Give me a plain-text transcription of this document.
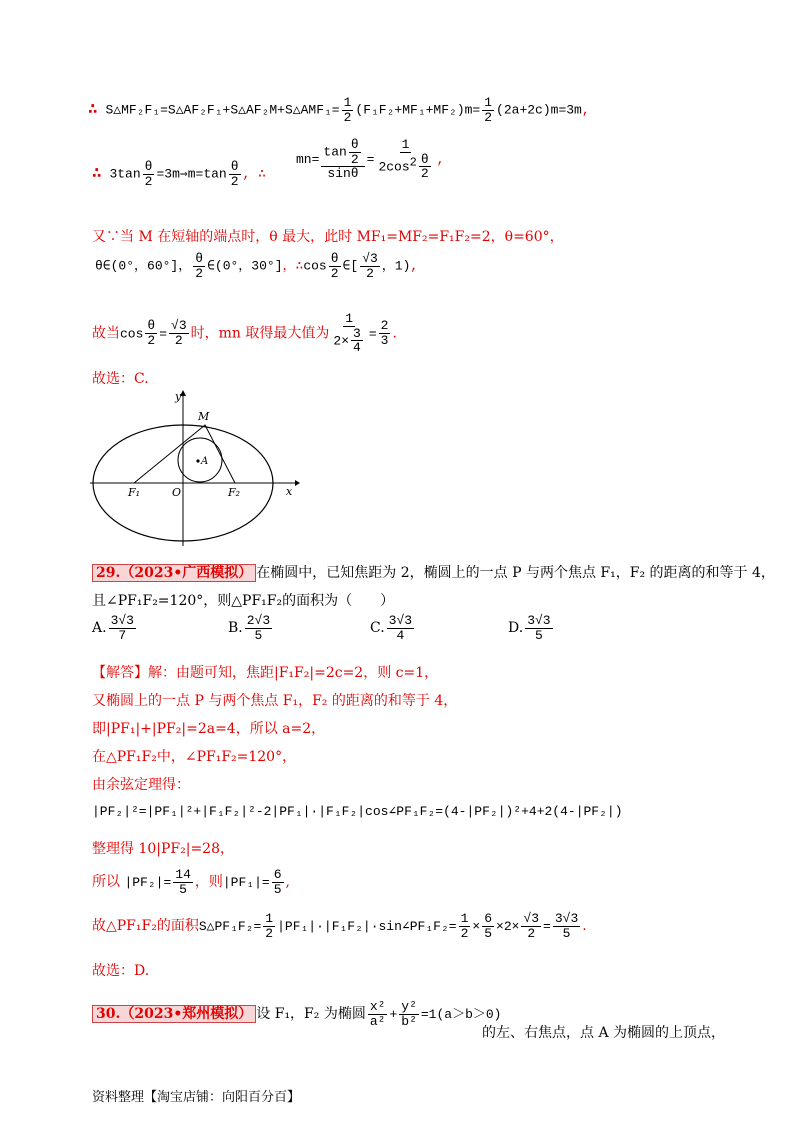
∴ S△MF₂F₁=S△AF₂F₁+S△AF₂M+S△AMF₁= $\frac{1}{2} (F_1F_2+MF_1+MF_2)m= \frac{1}{2} (2a+2c)m=3m$,
∴ $3\tan \frac{\theta}{2}$ =3m⇒m=tan $\frac{\theta}{2}$ , ∴
$mn= \frac{\tan \frac{\theta}{2}}{\sin\theta} = \frac{1}{2\cos^2 \frac{\theta}{2}}$ ,
又∵当 M 在短轴的端点时，θ 最大，此时 MF₁=MF₂=F₁F₂=2，θ=60°，
θ∈(0°，60°]， $\frac{\theta}{2}$ ∈(0°，30°]，∴cos $\frac{\theta}{2}$ ∈[ $\frac{√3}{2}$ ，1),
故当$\cos \frac{\theta}{2} = \frac{√3}{2}$ 时，mn 取得最大值为 $\frac{1}{2\times \frac{3}{4}} = \frac{2}{3}$ .
故选：C.
y
x
M
A
O
F₁	F₂
29.（2023•广西模拟） 在椭圆中，已知焦距为 2，椭圆上的一点 P 与两个焦点 F₁，F₂ 的距离的和等于 4，
且∠PF₁F₂=120°，则△PF₁F₂的面积为（　　）
A. $\frac{3√3}{7}$	B. $\frac{2√3}{5}$	C. $\frac{3√3}{4}$	D. $\frac{3√3}{5}$
【解答】解：由题可知，焦距|F₁F₂|=2c=2，则 c=1，
又椭圆上的一点 P 与两个焦点 F₁，F₂ 的距离的和等于 4，
即|PF₁|+|PF₂|=2a=4，所以 a=2，
在△PF₁F₂中，∠PF₁F₂=120°，
由余弦定理得：
|PF₂|²=|PF₁|²+|F₁F₂|²-2|PF₁|·|F₁F₂|cos∠PF₁F₂=(4-|PF₂|)²+4+2(4-|PF₂|)
整理得 10|PF₂|=28，
所以 $|PF_2|= \frac{14}{5}$ ，则$|PF_1|= \frac{6}{5}$ ,
故△PF₁F₂的面积S△PF₁F₂= $\frac{1}{2}$ |PF₁|·|F₁F₂|·sin∠PF₁F₂= $\frac{1}{2} \times \frac{6}{5} \times 2\times \frac{√3}{2} = \frac{3√3}{5}$ .
故选：D.
30.（2023•郑州模拟） 设 F₁，F₂ 为椭圆 $\frac{\text{x²}}{\text{a²}} + \frac{\text{y²}}{\text{b²}} =1(a>b>0)$
的左、右焦点，点 A 为椭圆的上顶点，
资料整理【淘宝店铺：向阳百分百】
